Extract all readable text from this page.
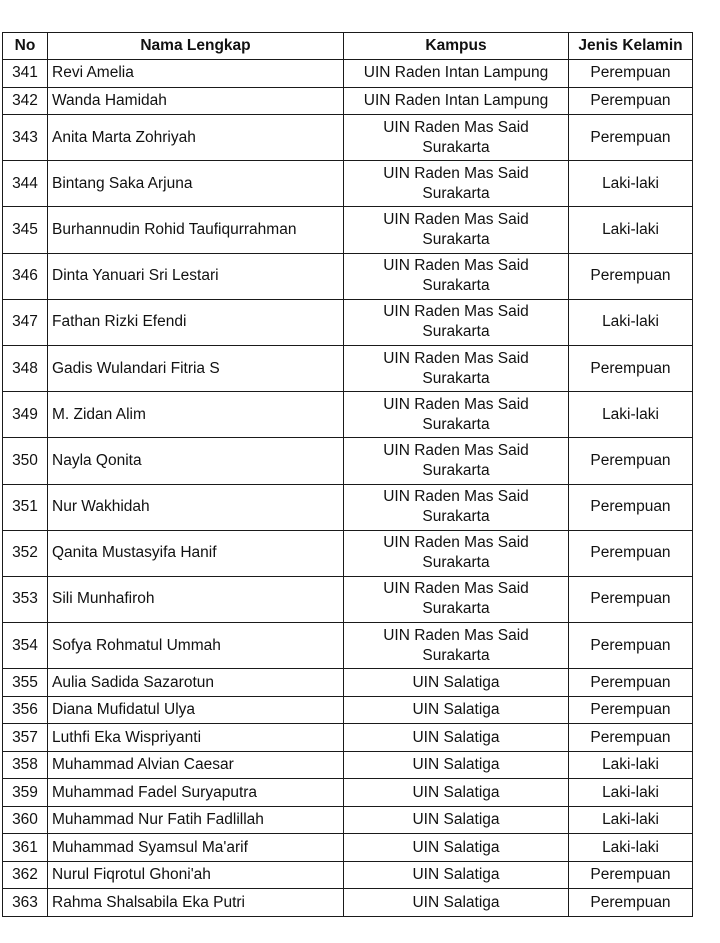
No	Nama Lengkap	Kampus	Jenis Kelamin
341	Revi Amelia	UIN Raden Intan Lampung	Perempuan
342	Wanda Hamidah	UIN Raden Intan Lampung	Perempuan
343	Anita Marta Zohriyah	UIN Raden Mas Said Surakarta	Perempuan
344	Bintang Saka Arjuna	UIN Raden Mas Said Surakarta	Laki-laki
345	Burhannudin Rohid Taufiqurrahman	UIN Raden Mas Said Surakarta	Laki-laki
346	Dinta Yanuari Sri Lestari	UIN Raden Mas Said Surakarta	Perempuan
347	Fathan Rizki Efendi	UIN Raden Mas Said Surakarta	Laki-laki
348	Gadis Wulandari Fitria S	UIN Raden Mas Said Surakarta	Perempuan
349	M. Zidan Alim	UIN Raden Mas Said Surakarta	Laki-laki
350	Nayla Qonita	UIN Raden Mas Said Surakarta	Perempuan
351	Nur Wakhidah	UIN Raden Mas Said Surakarta	Perempuan
352	Qanita Mustasyifa Hanif	UIN Raden Mas Said Surakarta	Perempuan
353	Sili Munhafiroh	UIN Raden Mas Said Surakarta	Perempuan
354	Sofya Rohmatul Ummah	UIN Raden Mas Said Surakarta	Perempuan
355	Aulia Sadida Sazarotun	UIN Salatiga	Perempuan
356	Diana Mufidatul Ulya	UIN Salatiga	Perempuan
357	Luthfi Eka Wispriyanti	UIN Salatiga	Perempuan
358	Muhammad Alvian Caesar	UIN Salatiga	Laki-laki
359	Muhammad Fadel Suryaputra	UIN Salatiga	Laki-laki
360	Muhammad Nur Fatih Fadlillah	UIN Salatiga	Laki-laki
361	Muhammad Syamsul Ma'arif	UIN Salatiga	Laki-laki
362	Nurul Fiqrotul Ghoni'ah	UIN Salatiga	Perempuan
363	Rahma Shalsabila Eka Putri	UIN Salatiga	Perempuan
